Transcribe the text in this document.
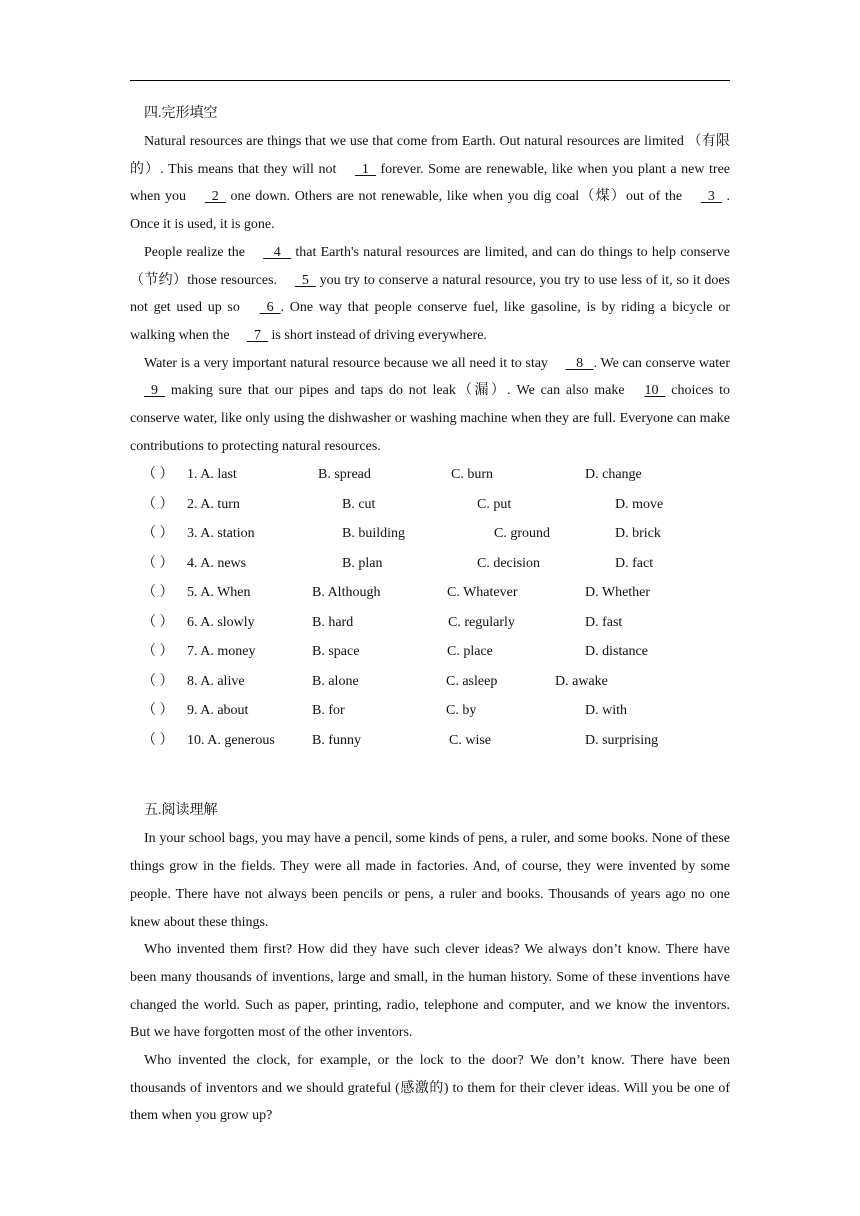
四.完形填空

Natural resources are things that we use that come from Earth. Out natural resources are limited （有限的）. This means that they will not   1   forever. Some are renewable, like when you plant a new tree when you   2   one down. Others are not renewable, like when you dig coal（煤）out of the   3   . Once it is used, it is gone.

People realize the    4    that Earth's natural resources are limited, and can do things to help conserve（节约）those resources.   5   you try to conserve a natural resource, you try to use less of it, so it does not get used up so   6  . One way that people conserve fuel, like gasoline, is by riding a bicycle or walking when the   7   is short instead of driving everywhere.

Water is a very important natural resource because we all need it to stay    8   . We can conserve water   9   making sure that our pipes and taps do not leak（漏）. We can also make 10   choices to conserve water, like only using the dishwasher or washing machine when they are full. Everyone can make contributions to protecting natural resources.

（ ） 1. A. last	B. spread	C. burn	D. change
（ ） 2. A. turn	B. cut	C. put	D. move
（ ） 3. A. station	B. building	C. ground	D. brick
（ ） 4. A. news	B. plan	C. decision	D. fact
（ ） 5. A. When	B. Although	C. Whatever	D. Whether
（ ） 6. A. slowly	B. hard	C. regularly	D. fast
（ ） 7. A. money	B. space	C. place	D. distance
（ ） 8. A. alive	B. alone	C. asleep	D. awake
（ ） 9. A. about	B. for	C. by	D. with
（ ） 10. A. generous	B. funny	C. wise	D. surprising

五.阅读理解

In your school bags, you may have a pencil, some kinds of pens, a ruler, and some books. None of these things grow in the fields. They were all made in factories. And, of course, they were invented by some people. There have not always been pencils or pens, a ruler and books. Thousands of years ago no one knew about these things.

Who invented them first? How did they have such clever ideas? We always don’t know. There have been many thousands of inventions, large and small, in the human history. Some of these inventions have changed the world. Such as paper, printing, radio, telephone and computer, and we know the inventors. But we have forgotten most of the other inventors.

Who invented the clock, for example, or the lock to the door? We don’t know. There have been thousands of inventors and we should grateful (感激的) to them for their clever ideas. Will you be one of them when you grow up?
